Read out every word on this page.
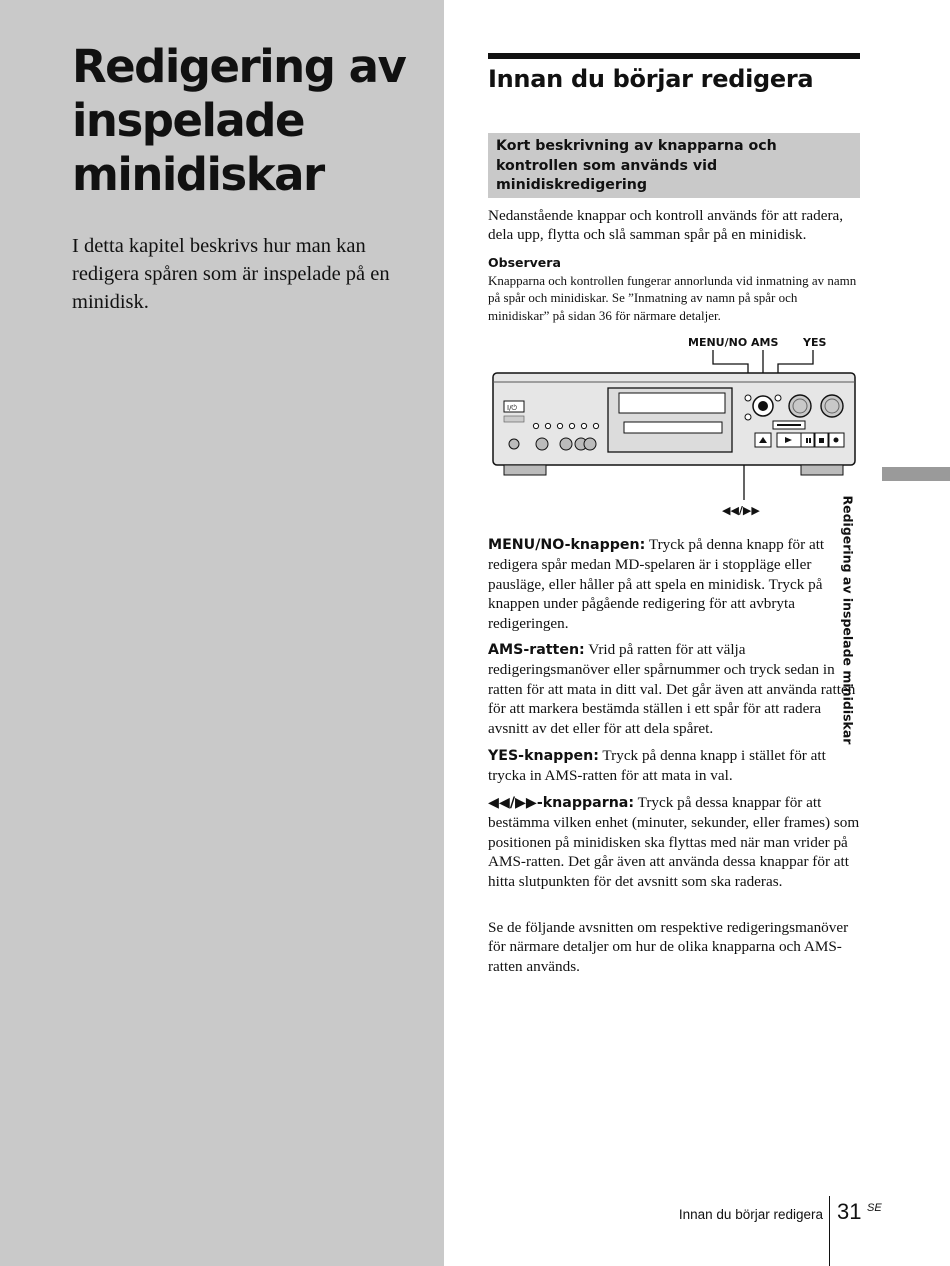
Redigering av inspelade minidiskar

I detta kapitel beskrivs hur man kan redigera spåren som är inspelade på en minidisk.

Innan du börjar redigera
Kort beskrivning av knapparna och kontrollen som används vid minidiskredigering

Nedanstående knappar och kontroll används för att radera, dela upp, flytta och slå samman spår på en minidisk.

Observera

Knapparna och kontrollen fungerar annorlunda vid inmatning av namn på spår och minidiskar. Se ”Inmatning av namn på spår och minidiskar” på sidan 36 för närmare detaljer.

MENU/NO AMS YES
I/⏻
◀◀/▶▶

MENU/NO-knappen: Tryck på denna knapp för att redigera spår medan MD-spelaren är i stoppläge eller pausläge, eller håller på att spela en minidisk. Tryck på knappen under pågående redigering för att avbryta redigeringen.

AMS-ratten: Vrid på ratten för att välja redigeringsmanöver eller spårnummer och tryck sedan in ratten för att mata in ditt val. Det går även att använda ratten för att markera bestämda ställen i ett spår för att radera avsnitt av det eller för att dela spåret.

YES-knappen: Tryck på denna knapp i stället för att trycka in AMS-ratten för att mata in val.

◀◀/▶▶-knapparna: Tryck på dessa knappar för att bestämma vilken enhet (minuter, sekunder, eller frames) som positionen på minidisken ska flyttas med när man vrider på AMS-ratten. Det går även att använda dessa knappar för att hitta slutpunkten för det avsnitt som ska raderas.

Se de följande avsnitten om respektive redigeringsmanöver för närmare detaljer om hur de olika knapparna och AMS-ratten används.

Redigering av inspelade minidiskar

Innan du börjar redigera 31 SE
